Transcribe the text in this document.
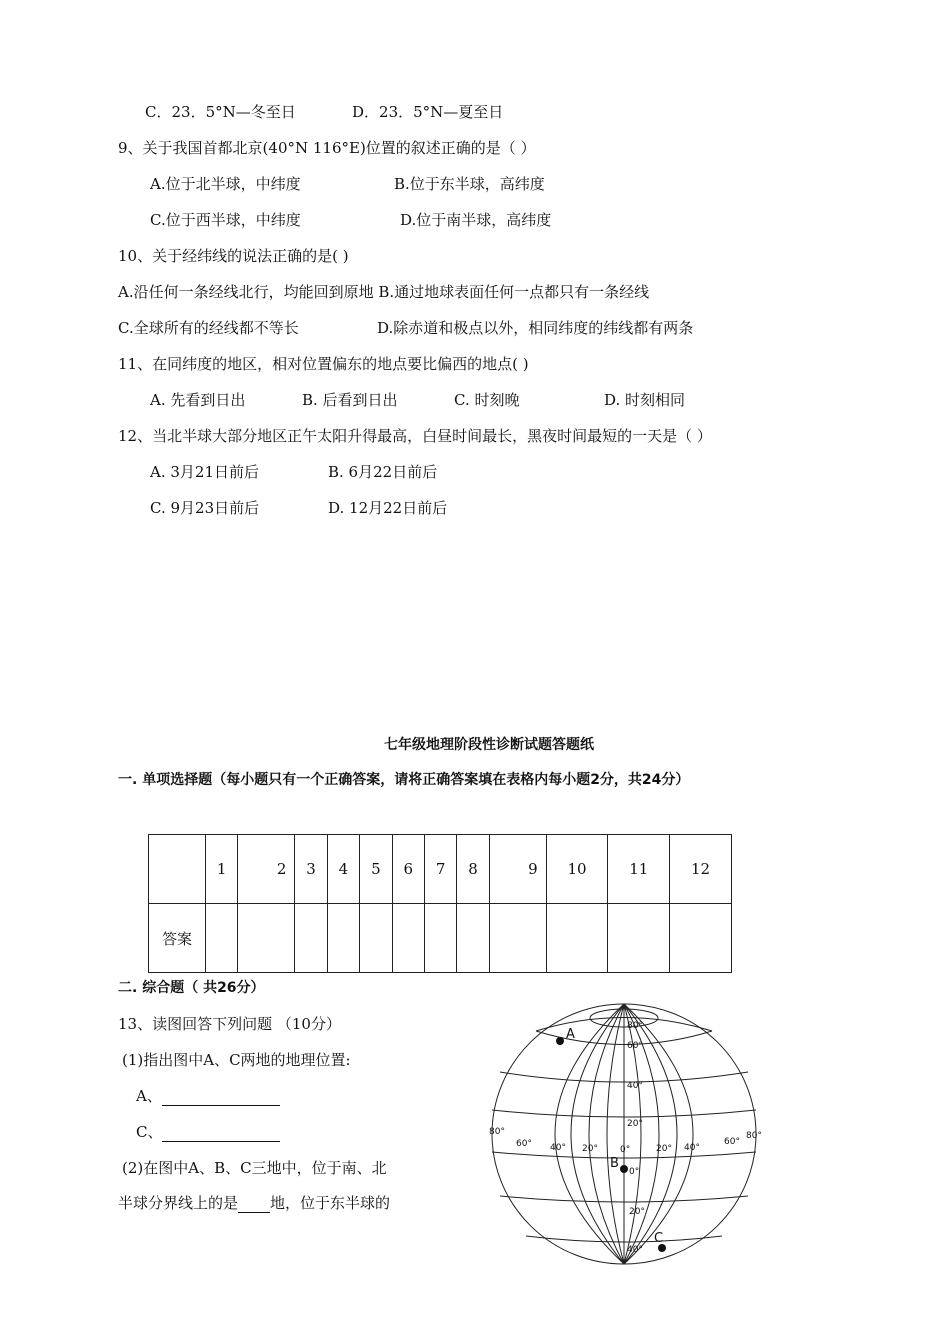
C．23．5°N—冬至日	D．23．5°N—夏至日
9、关于我国首都北京(40°N 116°E)位置的叙述正确的是（ ）
A.位于北半球，中纬度	B.位于东半球，高纬度
C.位于西半球，中纬度	D.位于南半球，高纬度
10、关于经纬线的说法正确的是( )
A.沿任何一条经线北行，均能回到原地 B.通过地球表面任何一点都只有一条经线
C.全球所有的经线都不等长	D.除赤道和极点以外，相同纬度的纬线都有两条
11、在同纬度的地区，相对位置偏东的地点要比偏西的地点( )
A. 先看到日出	B. 后看到日出	C. 时刻晚	D. 时刻相同
12、当北半球大部分地区正午太阳升得最高，白昼时间最长，黑夜时间最短的一天是（ ）
A. 3月21日前后	B. 6月22日前后
C. 9月23日前后	D. 12月22日前后
七年级地理阶段性诊断试题答题纸
一. 单项选择题（每小题只有一个正确答案，请将正确答案填在表格内每小题2分，共24分）
	1	2	3	4	5	6	7	8	9	10	11	12
答案												
二. 综合题（ 共26分）
13、读图回答下列问题 （10分）
(1)指出图中A、C两地的地理位置:
A、
C、
(2)在图中A、B、C三地中，位于南、北
半球分界线上的是 地，位于东半球的
80°
60°
40°
20°
0°
20°
40°
80°
60° 40° 20° 0°	20° 40°
60°
80°
A
B
C
